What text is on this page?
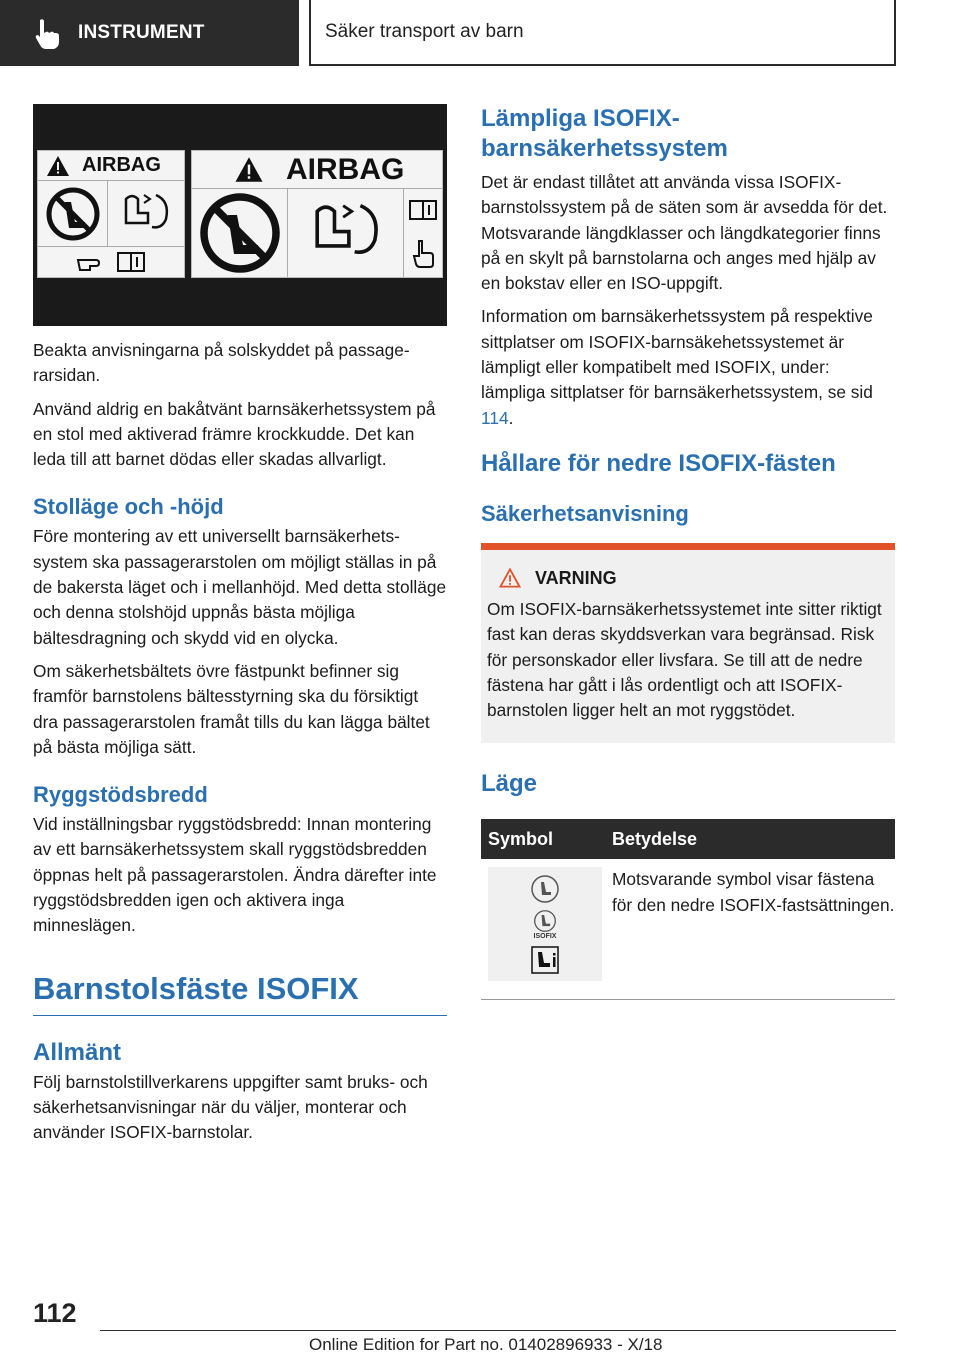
INSTRUMENT	Säker transport av barn
AIRBAG	AIRBAG

Beakta anvisningarna på solskyddet på passagerarsidan.

Använd aldrig en bakåtvänt barnsäkerhetssystem på en stol med aktiverad främre krockkudde. Det kan leda till att barnet dödas eller skadas allvarligt.

Stolläge och -höjd

Före montering av ett universellt barnsäkerhetssystem ska passagerarstolen om möjligt ställas in på de bakersta läget och i mellanhöjd. Med detta stolläge och denna stolshöjd uppnås bästa möjliga bältesdragning och skydd vid en olycka.

Om säkerhetsbältets övre fästpunkt befinner sig framför barnstolens bältesstyrning ska du försiktigt dra passagerarstolen framåt tills du kan lägga bältet på bästa möjliga sätt.

Ryggstödsbredd

Vid inställningsbar ryggstödsbredd: Innan montering av ett barnsäkerhetssystem skall ryggstödsbredden öppnas helt på passagerarstolen. Ändra därefter inte ryggstödsbredden igen och aktivera inga minneslägen.

Barnstolsfäste ISOFIX
Allmänt

Följ barnstolstillverkarens uppgifter samt bruks- och säkerhetsanvisningar när du väljer, monterar och använder ISOFIX-barnstolar.

Lämpliga ISOFIX-barnsäkerhetssystem

Det är endast tillåtet att använda vissa ISOFIX-barnstolssystem på de säten som är avsedda för det. Motsvarande längdklasser och längdkategorier finns på en skylt på barnstolarna och anges med hjälp av en bokstav eller en ISO-uppgift.

Information om barnsäkerhetssystem på respektive sittplatser om ISOFIX-barnsäkehetssystemet är lämpligt eller kompatibelt med ISOFIX, under: lämpliga sittplatser för barnsäkerhetssystem, se sid 114.

Hållare för nedre ISOFIX-fästen
Säkerhetsanvisning
VARNING

Om ISOFIX-barnsäkerhetssystemet inte sitter riktigt fast kan deras skyddsverkan vara begränsad. Risk för personskador eller livsfara. Se till att de nedre fästena har gått i lås ordentligt och att ISOFIX-barnstolen ligger helt an mot ryggstödet.

Läge
Symbol	Betydelse

ISOFIX	Motsvarande symbol visar fästena för den nedre ISOFIX-fastsättningen.

112
Online Edition for Part no. 01402896933 - X/18
